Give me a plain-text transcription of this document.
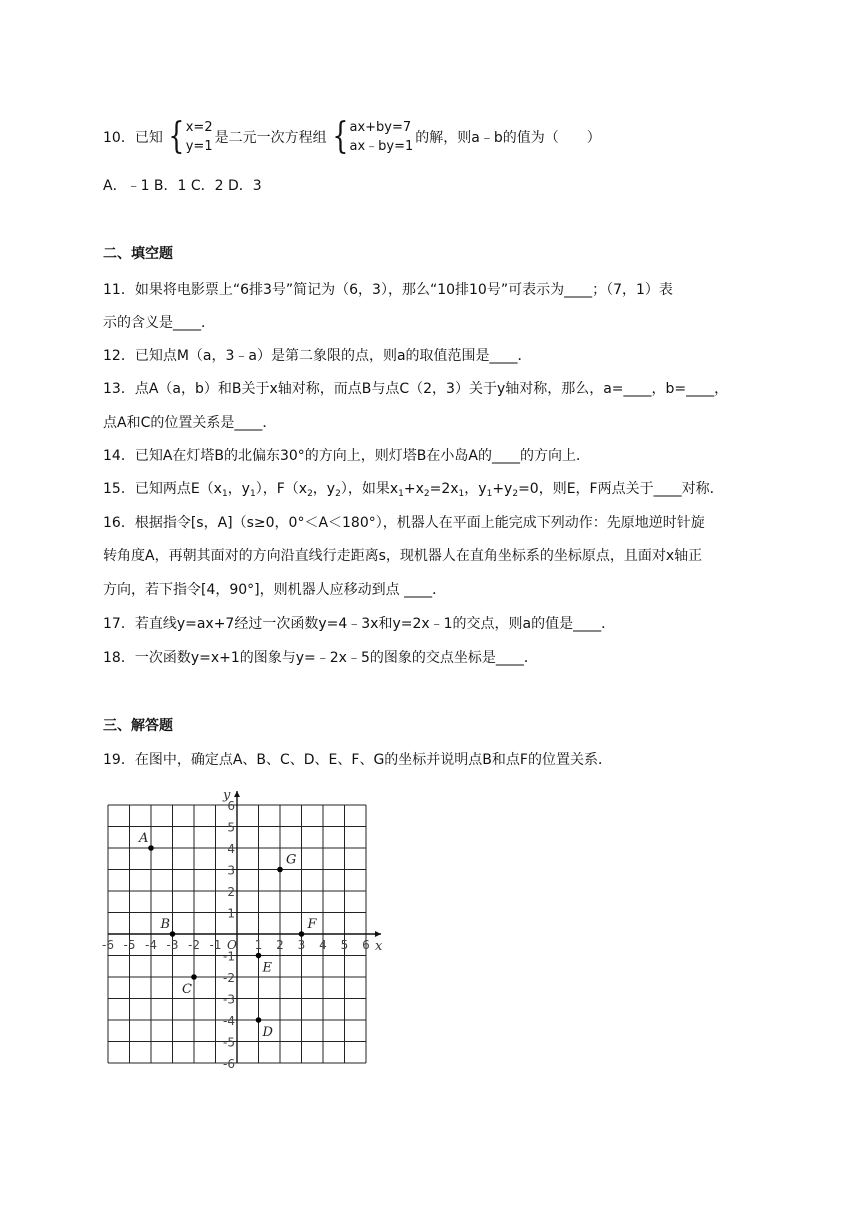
10．已知 { x=2
y=1
是二元一次方程组 { ax+by=7
ax﹣by=1
的解，则a﹣b的值为（　　）
A．﹣1 B．1 C．2 D．3
二、填空题
11．如果将电影票上“6排3号”简记为（6，3），那么“10排10号”可表示为____；（7，1）表
示的含义是____．
12．已知点M（a，3﹣a）是第二象限的点，则a的取值范围是____．
13．点A（a，b）和B关于x轴对称，而点B与点C（2，3）关于y轴对称，那么，a=____，b=____，
点A和C的位置关系是____．
14．已知A在灯塔B的北偏东30°的方向上，则灯塔B在小岛A的____的方向上．
15．已知两点$E(x_1$，$y_1$），$F(x_2$，$y_2$），如果$x_1+x_2=2x_1$，$y_1+y_2=0$，则E，F两点关于____对称．
16．根据指令[s，A]（s≥0，0°＜A＜180°），机器人在平面上能完成下列动作：先原地逆时针旋
转角度A，再朝其面对的方向沿直线行走距离s，现机器人在直角坐标系的坐标原点，且面对x轴正
方向，若下指令[4，90°]，则机器人应移动到点 ____．
17．若直线y=ax+7经过一次函数y=4﹣3x和y=2x﹣1的交点，则a的值是____．
18．一次函数y=x+1的图象与y=﹣2x﹣5的图象的交点坐标是____．
三、解答题
19．在图中，确定点A、B、C、D、E、F、G的坐标并说明点B和点F的位置关系．
x
y
O
-6 -5 -4 -3 -2 -1	1 2 3 4 5 6
6
5
4
3
2
1
-1
-2
-3
-4
-5
-6
A
B
C
D
E
F
G
